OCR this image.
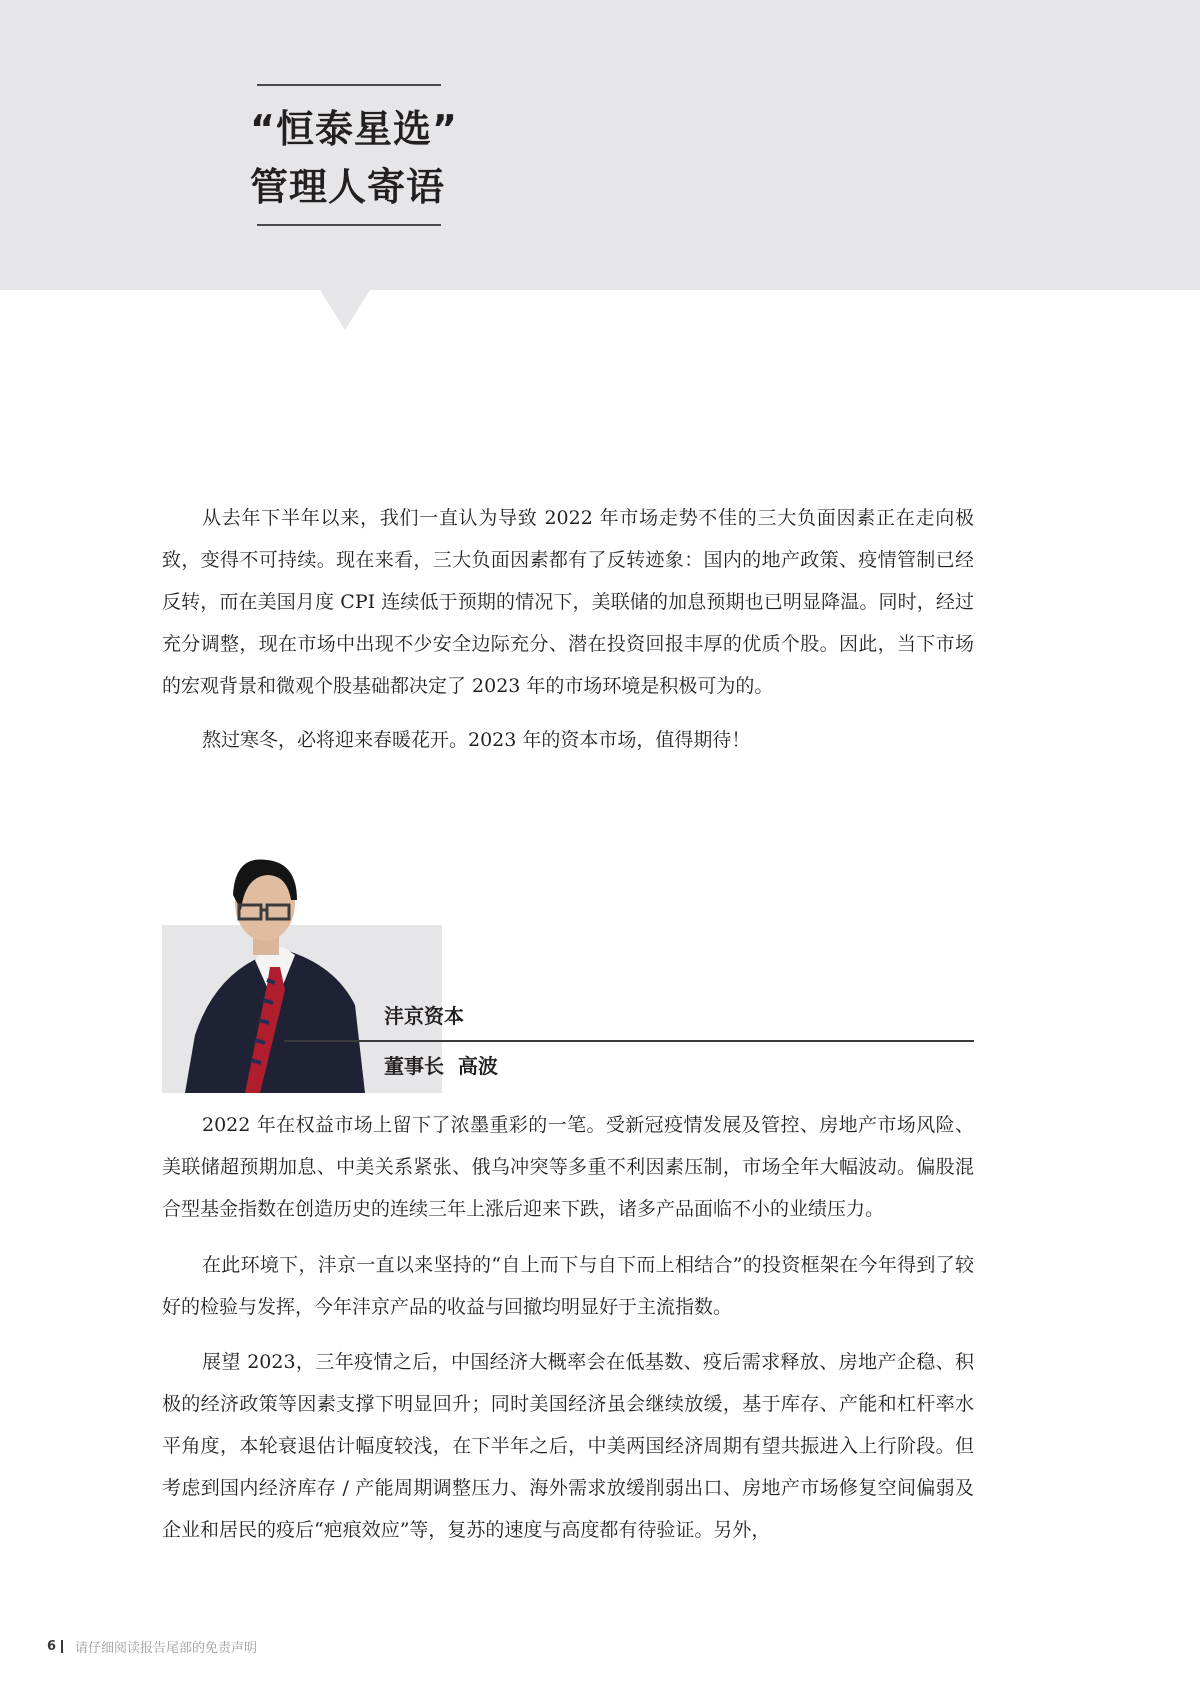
“恒泰星选”
管理人寄语

从去年下半年以来，我们一直认为导致 2022 年市场走势不佳的三大负面因素正在走向极致，变得不可持续。现在来看，三大负面因素都有了反转迹象：国内的地产政策、疫情管制已经反转，而在美国月度 CPI 连续低于预期的情况下，美联储的加息预期也已明显降温。同时，经过充分调整，现在市场中出现不少安全边际充分、潜在投资回报丰厚的优质个股。因此，当下市场的宏观背景和微观个股基础都决定了 2023 年的市场环境是积极可为的。

熬过寒冬，必将迎来春暖花开。2023 年的资本市场，值得期待！

沣京资本
董事长  高波

2022 年在权益市场上留下了浓墨重彩的一笔。受新冠疫情发展及管控、房地产市场风险、美联储超预期加息、中美关系紧张、俄乌冲突等多重不利因素压制，市场全年大幅波动。偏股混合型基金指数在创造历史的连续三年上涨后迎来下跌，诸多产品面临不小的业绩压力。

在此环境下，沣京一直以来坚持的“自上而下与自下而上相结合”的投资框架在今年得到了较好的检验与发挥，今年沣京产品的收益与回撤均明显好于主流指数。

展望 2023，三年疫情之后，中国经济大概率会在低基数、疫后需求释放、房地产企稳、积极的经济政策等因素支撑下明显回升；同时美国经济虽会继续放缓，基于库存、产能和杠杆率水平角度，本轮衰退估计幅度较浅，在下半年之后，中美两国经济周期有望共振进入上行阶段。但考虑到国内经济库存 / 产能周期调整压力、海外需求放缓削弱出口、房地产市场修复空间偏弱及企业和居民的疫后“疤痕效应”等，复苏的速度与高度都有待验证。另外，

6 请仔细阅读报告尾部的免责声明
